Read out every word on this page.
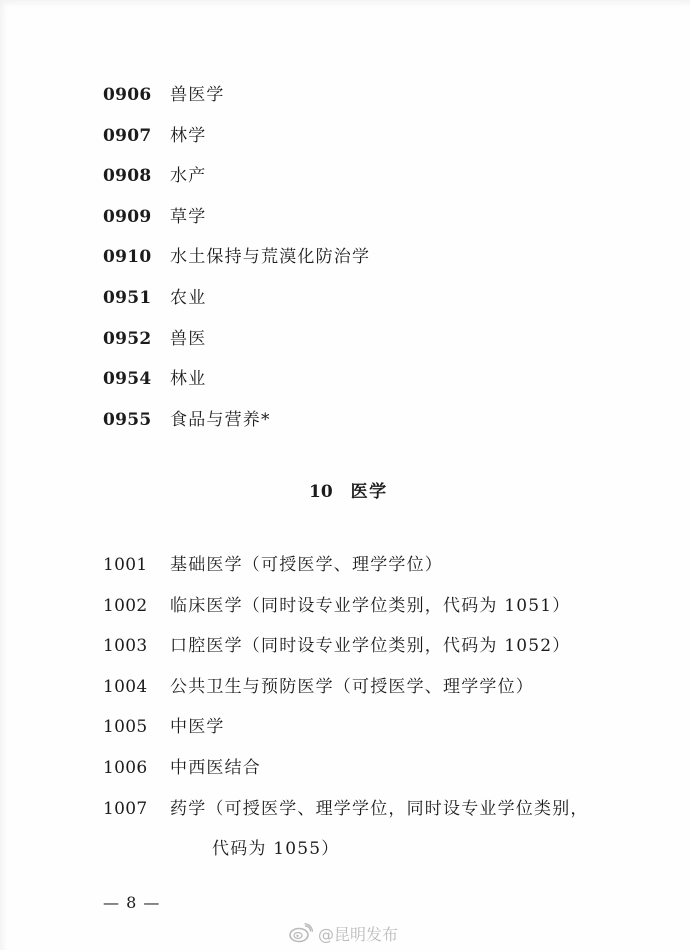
0906 兽医学
0907 林学
0908 水产
0909 草学
0910 水土保持与荒漠化防治学
0951 农业
0952 兽医
0954 林业
0955 食品与营养*
10 医学
1001 基础医学（可授医学、理学学位）
1002 临床医学（同时设专业学位类别，代码为 1051）
1003 口腔医学（同时设专业学位类别，代码为 1052）
1004 公共卫生与预防医学（可授医学、理学学位）
1005 中医学
1006 中西医结合
1007 药学（可授医学、理学学位，同时设专业学位类别，
代码为 1055）
— 8 —
@昆明发布
